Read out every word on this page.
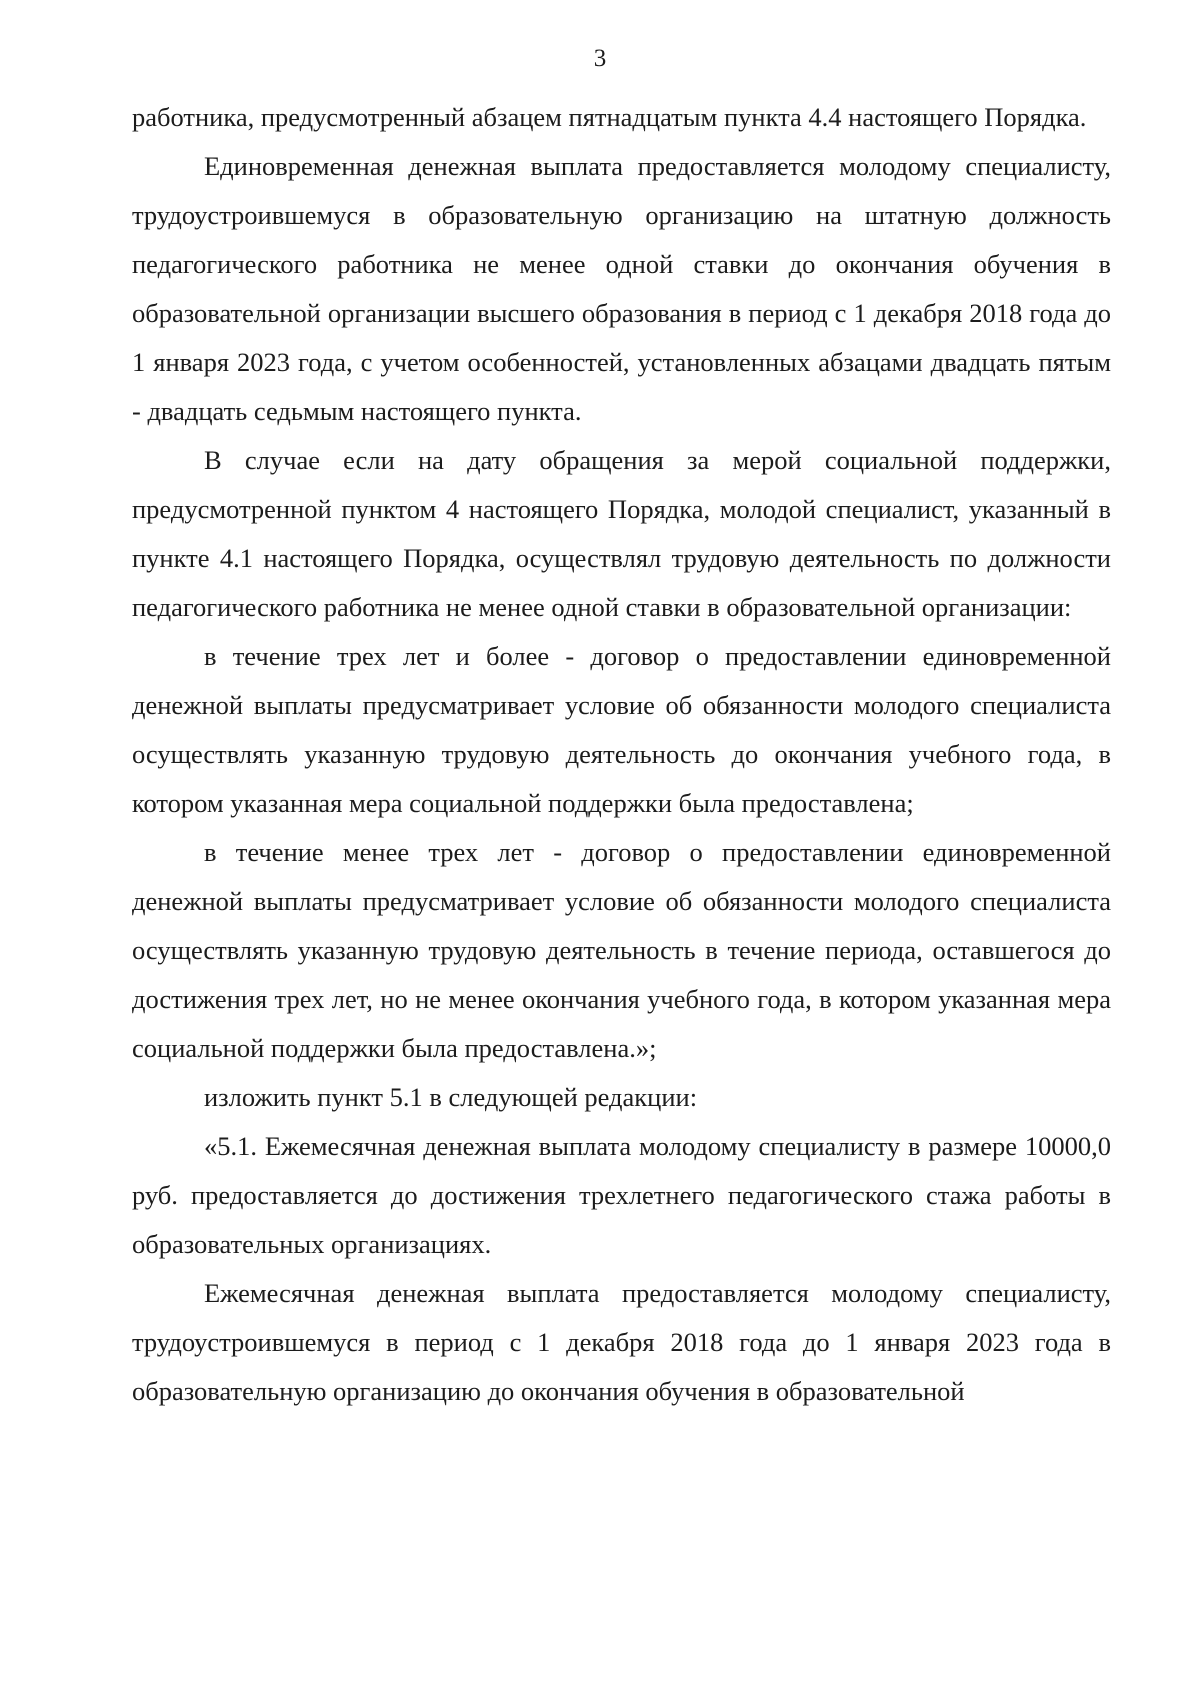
3

работника, предусмотренный абзацем пятнадцатым пункта 4.4 настоящего Порядка.

Единовременная денежная выплата предоставляется молодому специалисту, трудоустроившемуся в образовательную организацию на штатную должность педагогического работника не менее одной ставки до окончания обучения в образовательной организации высшего образования в период с 1 декабря 2018 года до 1 января 2023 года, с учетом особенностей, установленных абзацами двадцать пятым - двадцать седьмым настоящего пункта.

В случае если на дату обращения за мерой социальной поддержки, предусмотренной пунктом 4 настоящего Порядка, молодой специалист, указанный в пункте 4.1 настоящего Порядка, осуществлял трудовую деятельность по должности педагогического работника не менее одной ставки в образовательной организации:

в течение трех лет и более - договор о предоставлении единовременной денежной выплаты предусматривает условие об обязанности молодого специалиста осуществлять указанную трудовую деятельность до окончания учебного года, в котором указанная мера социальной поддержки была предоставлена;

в течение менее трех лет - договор о предоставлении единовременной денежной выплаты предусматривает условие об обязанности молодого специалиста осуществлять указанную трудовую деятельность в течение периода, оставшегося до достижения трех лет, но не менее окончания учебного года, в котором указанная мера социальной поддержки была предоставлена.»;

изложить пункт 5.1 в следующей редакции:

«5.1. Ежемесячная денежная выплата молодому специалисту в размере 10000,0 руб. предоставляется до достижения трехлетнего педагогического стажа работы в образовательных организациях.

Ежемесячная денежная выплата предоставляется молодому специалисту, трудоустроившемуся в период с 1 декабря 2018 года до 1 января 2023 года в образовательную организацию до окончания обучения в образовательной
